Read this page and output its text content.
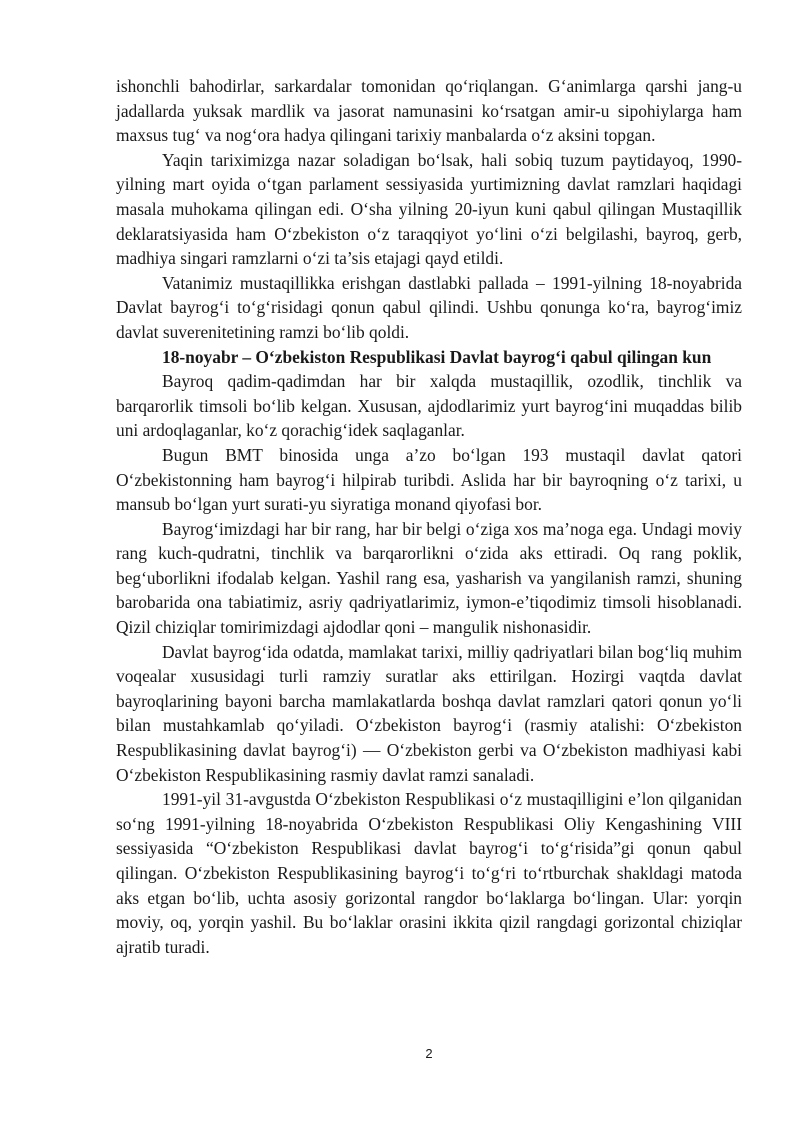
ishonchli bahodirlar, sarkardalar tomonidan qo‘riqlangan. G‘animlarga qarshi jang-u jadallarda yuksak mardlik va jasorat namunasini ko‘rsatgan amir-u sipohiylarga ham maxsus tug‘ va nog‘ora hadya qilingani tarixiy manbalarda o‘z aksini topgan.

Yaqin tariximizga nazar soladigan bo‘lsak, hali sobiq tuzum paytidayoq, 1990-yilning mart oyida o‘tgan parlament sessiyasida yurtimizning davlat ramzlari haqidagi masala muhokama qilingan edi. O‘sha yilning 20-iyun kuni qabul qilingan Mustaqillik deklaratsiyasida ham O‘zbekiston o‘z taraqqiyot yo‘lini o‘zi belgilashi, bayroq, gerb, madhiya singari ramzlarni o‘zi ta’sis etajagi qayd etildi.

Vatanimiz mustaqillikka erishgan dastlabki pallada – 1991-yilning 18-noyabrida Davlat bayrog‘i to‘g‘risidagi qonun qabul qilindi. Ushbu qonunga ko‘ra, bayrog‘imiz davlat suverenitetining ramzi bo‘lib qoldi.

18-noyabr – O‘zbekiston Respublikasi Davlat bayrog‘i qabul qilingan kun

Bayroq qadim-qadimdan har bir xalqda mustaqillik, ozodlik, tinchlik va barqarorlik timsoli bo‘lib kelgan. Xususan, ajdodlarimiz yurt bayrog‘ini muqaddas bilib uni ardoqlaganlar, ko‘z qorachig‘idek saqlaganlar.

Bugun BMT binosida unga a’zo bo‘lgan 193 mustaqil davlat qatori O‘zbekistonning ham bayrog‘i hilpirab turibdi. Aslida har bir bayroqning o‘z tarixi, u mansub bo‘lgan yurt surati-yu siyratiga monand qiyofasi bor.

Bayrog‘imizdagi har bir rang, har bir belgi o‘ziga xos ma’noga ega. Undagi moviy rang kuch-qudratni, tinchlik va barqarorlikni o‘zida aks ettiradi. Oq rang poklik, beg‘uborlikni ifodalab kelgan. Yashil rang esa, yasharish va yangilanish ramzi, shuning barobarida ona tabiatimiz, asriy qadriyatlarimiz, iymon-e’tiqodimiz timsoli hisoblanadi. Qizil chiziqlar tomirimizdagi ajdodlar qoni – mangulik nishonasidir.

Davlat bayrog‘ida odatda, mamlakat tarixi, milliy qadriyatlari bilan bog‘liq muhim voqealar xususidagi turli ramziy suratlar aks ettirilgan. Hozirgi vaqtda davlat bayroqlarining bayoni barcha mamlakatlarda boshqa davlat ramzlari qatori qonun yo‘li bilan mustahkamlab qo‘yiladi. O‘zbekiston bayrog‘i (rasmiy atalishi: O‘zbekiston Respublikasining davlat bayrog‘i) — O‘zbekiston gerbi va O‘zbekiston madhiyasi kabi O‘zbekiston Respublikasining rasmiy davlat ramzi sanaladi.

1991-yil 31-avgustda O‘zbekiston Respublikasi o‘z mustaqilligini e’lon qilganidan so‘ng 1991-yilning 18-noyabrida O‘zbekiston Respublikasi Oliy Kengashining VIII sessiyasida “O‘zbekiston Respublikasi davlat bayrog‘i to‘g‘risida”gi qonun qabul qilingan. O‘zbekiston Respublikasining bayrog‘i to‘g‘ri to‘rtburchak shakldagi matoda aks etgan bo‘lib, uchta asosiy gorizontal rangdor bo‘laklarga bo‘lingan. Ular: yorqin moviy, oq, yorqin yashil. Bu bo‘laklar orasini ikkita qizil rangdagi gorizontal chiziqlar ajratib turadi.

2
